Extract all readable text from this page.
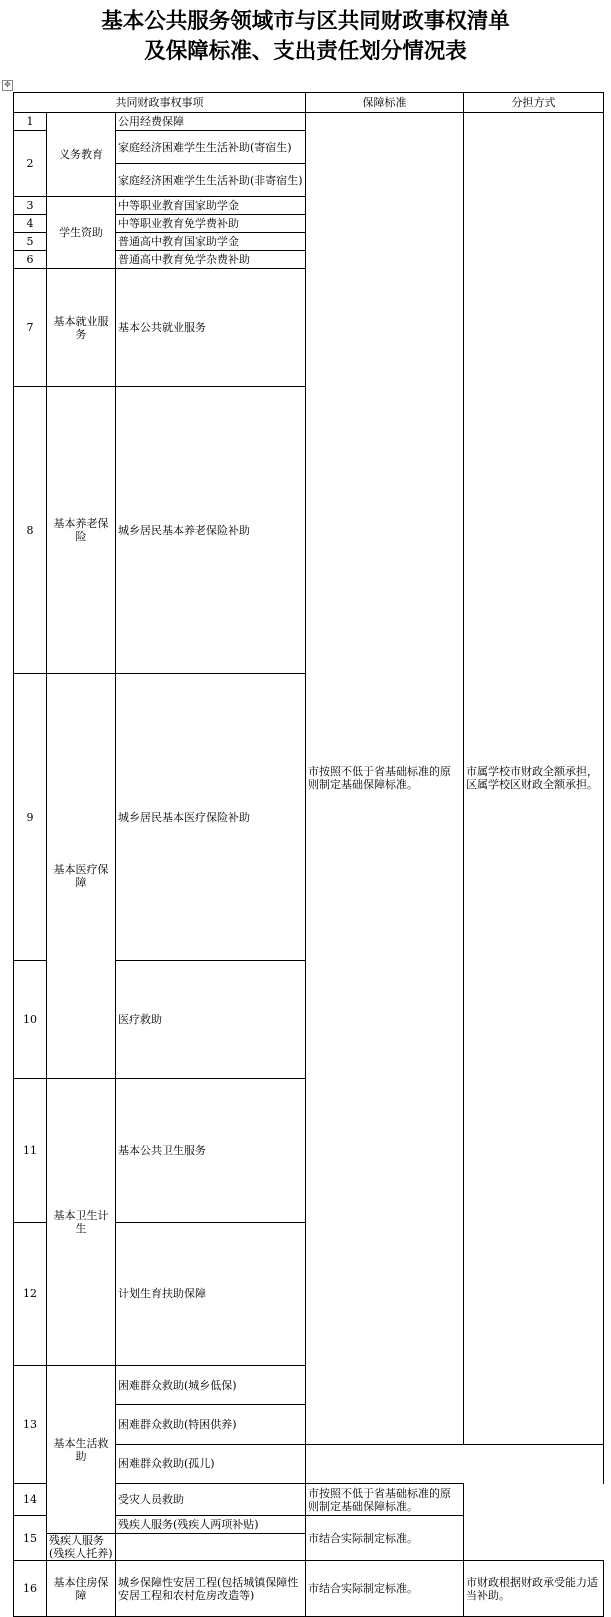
基本公共服务领域市与区共同财政事权清单
及保障标准、支出责任划分情况表
✥
共同财政事权事项			保障标准	分担方式	
1	义务教育	公用经费保障	市按照不低于省基础标准的原则制定基础保障标准。	市属学校市财政全额承担，区属学校区财政全额承担。	
2		家庭经济困难学生生活补助(寄宿生)			
		家庭经济困难学生生活补助(非寄宿生)			
3	学生资助	中等职业教育国家助学金			
4		中等职业教育免学费补助			
5		普通高中教育国家助学金			
6		普通高中教育免学杂费补助			
7	基本就业服务	基本公共就业服务		
8	基本养老保险	城乡居民基本养老保险补助	
9	基本医疗保障	城乡居民基本医疗保险补助	
10		医疗救助	
11	基本卫生计生	基本公共卫生服务	
12		计划生育扶助保障			
13	基本生活救助	困难群众救助(城乡低保)	
		困难群众救助(特困供养)			
		困难群众救助(孤儿)			
14		受灾人员救助	市按照不低于省基础标准的原则制定基础保障标准。		
15		残疾人服务(残疾人两项补贴)	市结合实际制定标准。		
	残疾人服务(残疾人托养)				
16	基本住房保障	城乡保障性安居工程(包括城镇保障性安居工程和农村危房改造等)	市结合实际制定标准。	市财政根据财政承受能力适当补助。	
